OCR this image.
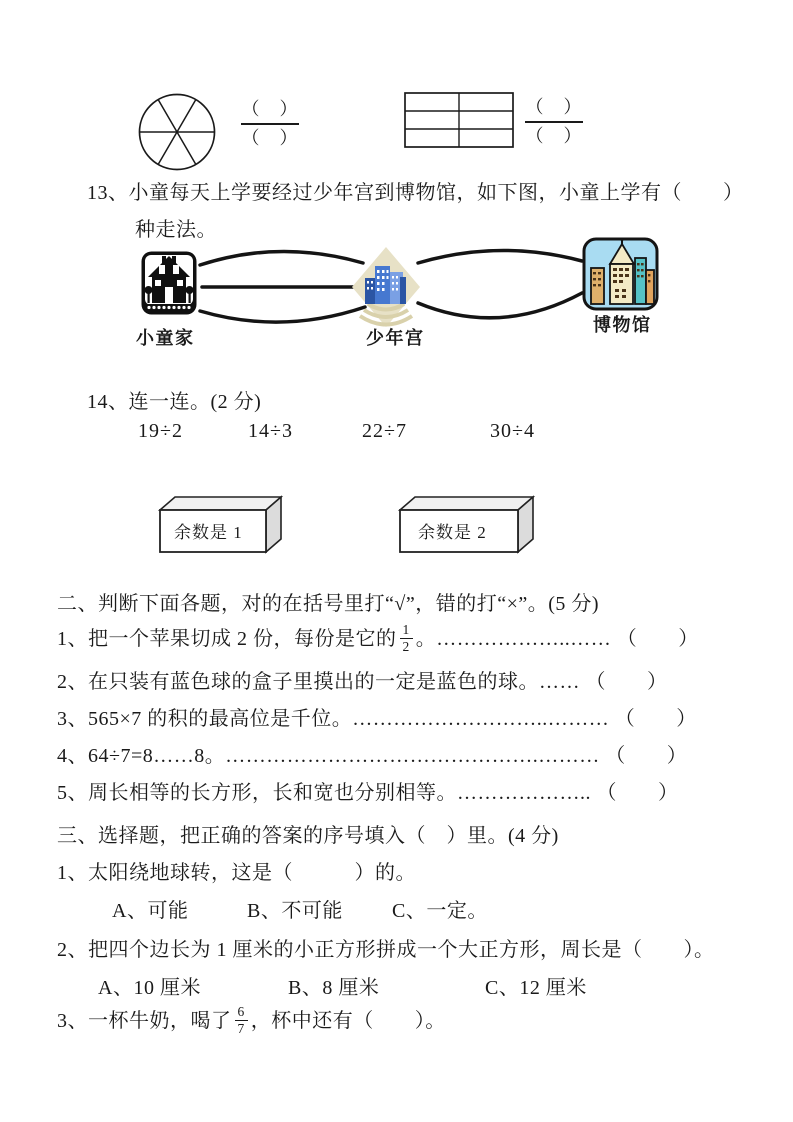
（　）
（　）
（　）
（　）
13、小童每天上学要经过少年宫到博物馆，如下图，小童上学有（　　）
种走法。
小童家	少年宫
博物馆
14、连一连。(2 分)
19÷2	14÷3	22÷7	30÷4
余数是 1	余数是 2
二、判断下面各题，对的在括号里打“√”，错的打“×”。(5 分)
1、把一个苹果切成 2 份，每份是它的 $\frac{1}{2}$ 。………………..…… （　　）
2、在只装有蓝色球的盒子里摸出的一定是蓝色的球。…… （　　）
3、565×7 的积的最高位是千位。………………………..……… （　　）
4、64÷7=8……8。……………………………………….……… （　　）
5、周长相等的长方形，长和宽也分别相等。……………….. （　　）
三、选择题，把正确的答案的序号填入（　）里。(4 分)
1、太阳绕地球转，这是（　　　）的。
A、可能	B、不可能 C、一定。
2、把四个边长为 1 厘米的小正方形拼成一个大正方形，周长是（　　）。
A、10 厘米	B、8 厘米	C、12 厘米
3、一杯牛奶，喝了 $\frac{6}{7}$ ，杯中还有（　　）。
